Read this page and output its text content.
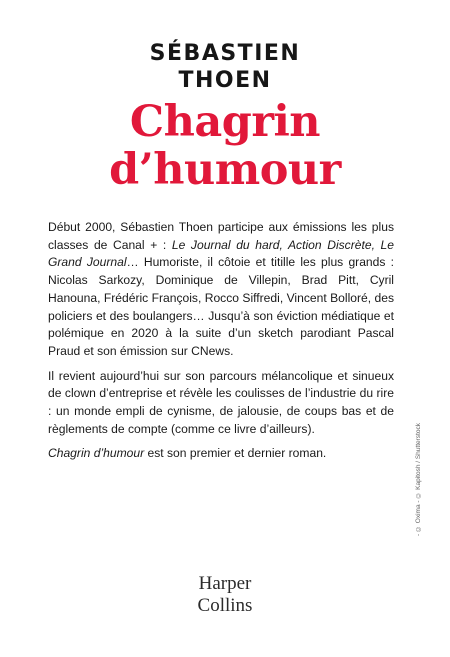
SÉBASTIEN
THOEN
Chagrin
d’humour

Début 2000, Sébastien Thoen participe aux émissions les plus classes de Canal + : Le Journal du hard, Action Discrète, Le Grand Journal… Humoriste, il côtoie et titille les plus grands : Nicolas Sarkozy, Dominique de Villepin, Brad Pitt, Cyril Hanouna, Frédéric François, Rocco Siffredi, Vincent Bolloré, des policiers et des boulangers… Jusqu’à son éviction médiatique et polémique en 2020 à la suite d’un sketch parodiant Pascal Praud et son émission sur CNews.

Il revient aujourd’hui sur son parcours mélancolique et sinueux de clown d’entreprise et révèle les coulisses de l’industrie du rire : un monde empli de cynisme, de jalousie, de coups bas et de règlements de compte (comme ce livre d’ailleurs).

Chagrin d’humour est son premier et dernier roman.	- © Oxima - © Kapitosh / Shutterstock
Harper
Collins
